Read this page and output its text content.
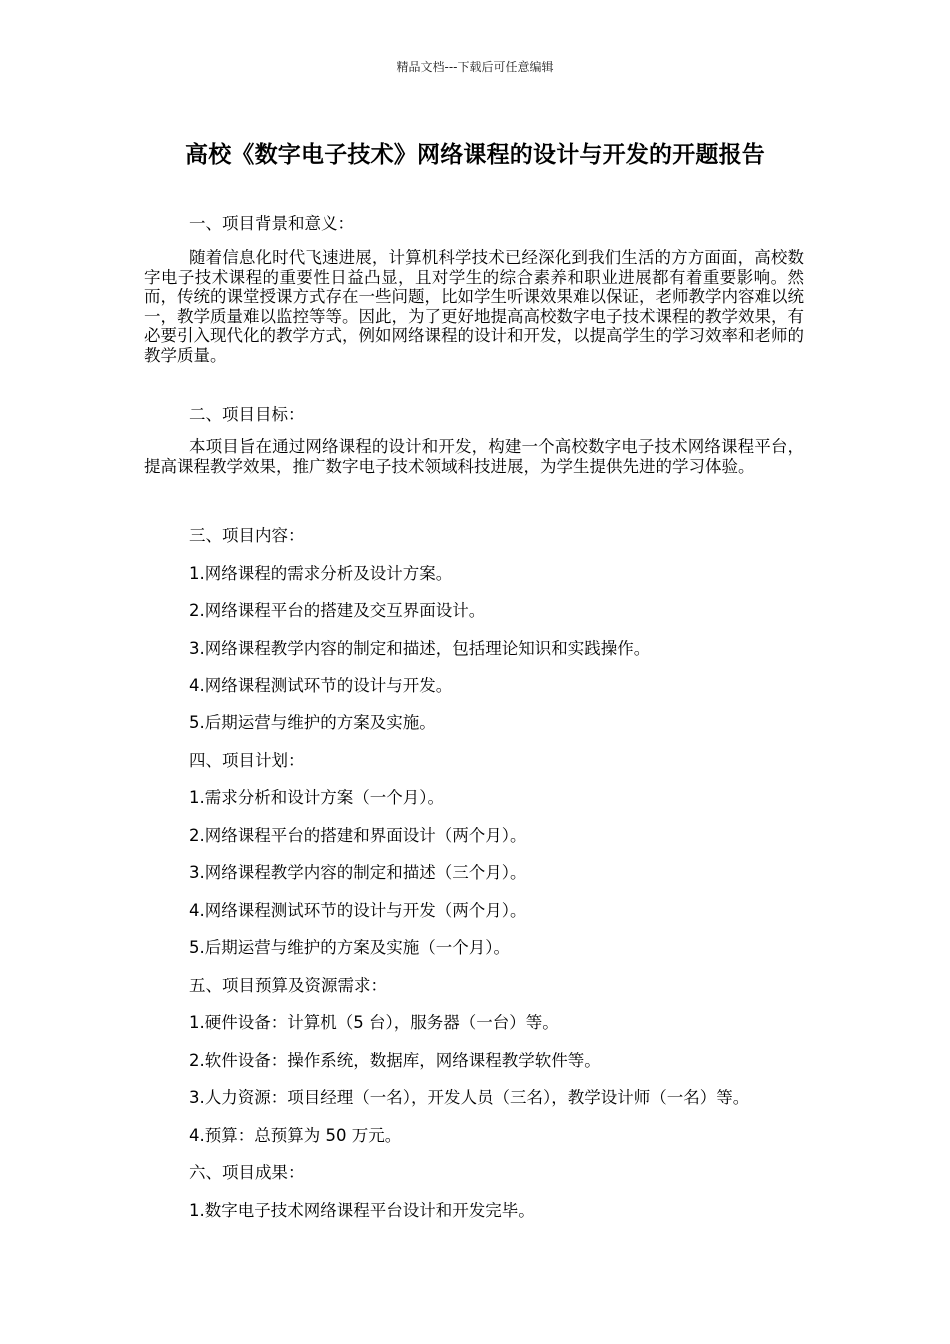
精品文档---下载后可任意编辑
高校《数字电子技术》网络课程的设计与开发的开题报告
一、项目背景和意义：
随着信息化时代飞速进展，计算机科学技术已经深化到我们生活的方方面面，高校数字电子技术课程的重要性日益凸显，且对学生的综合素养和职业进展都有着重要影响。然而，传统的课堂授课方式存在一些问题，比如学生听课效果难以保证，老师教学内容难以统一，教学质量难以监控等等。因此，为了更好地提高高校数字电子技术课程的教学效果，有必要引入现代化的教学方式，例如网络课程的设计和开发，以提高学生的学习效率和老师的教学质量。
二、项目目标：
本项目旨在通过网络课程的设计和开发，构建一个高校数字电子技术网络课程平台，提高课程教学效果，推广数字电子技术领域科技进展，为学生提供先进的学习体验。
三、项目内容：
1.网络课程的需求分析及设计方案。
2.网络课程平台的搭建及交互界面设计。
3.网络课程教学内容的制定和描述，包括理论知识和实践操作。
4.网络课程测试环节的设计与开发。
5.后期运营与维护的方案及实施。
四、项目计划：
1.需求分析和设计方案（一个月）。
2.网络课程平台的搭建和界面设计（两个月）。
3.网络课程教学内容的制定和描述（三个月）。
4.网络课程测试环节的设计与开发（两个月）。
5.后期运营与维护的方案及实施（一个月）。
五、项目预算及资源需求：
1.硬件设备：计算机（5 台），服务器（一台）等。
2.软件设备：操作系统，数据库，网络课程教学软件等。
3.人力资源：项目经理（一名），开发人员（三名），教学设计师（一名）等。
4.预算：总预算为 50 万元。
六、项目成果：
1.数字电子技术网络课程平台设计和开发完毕。
